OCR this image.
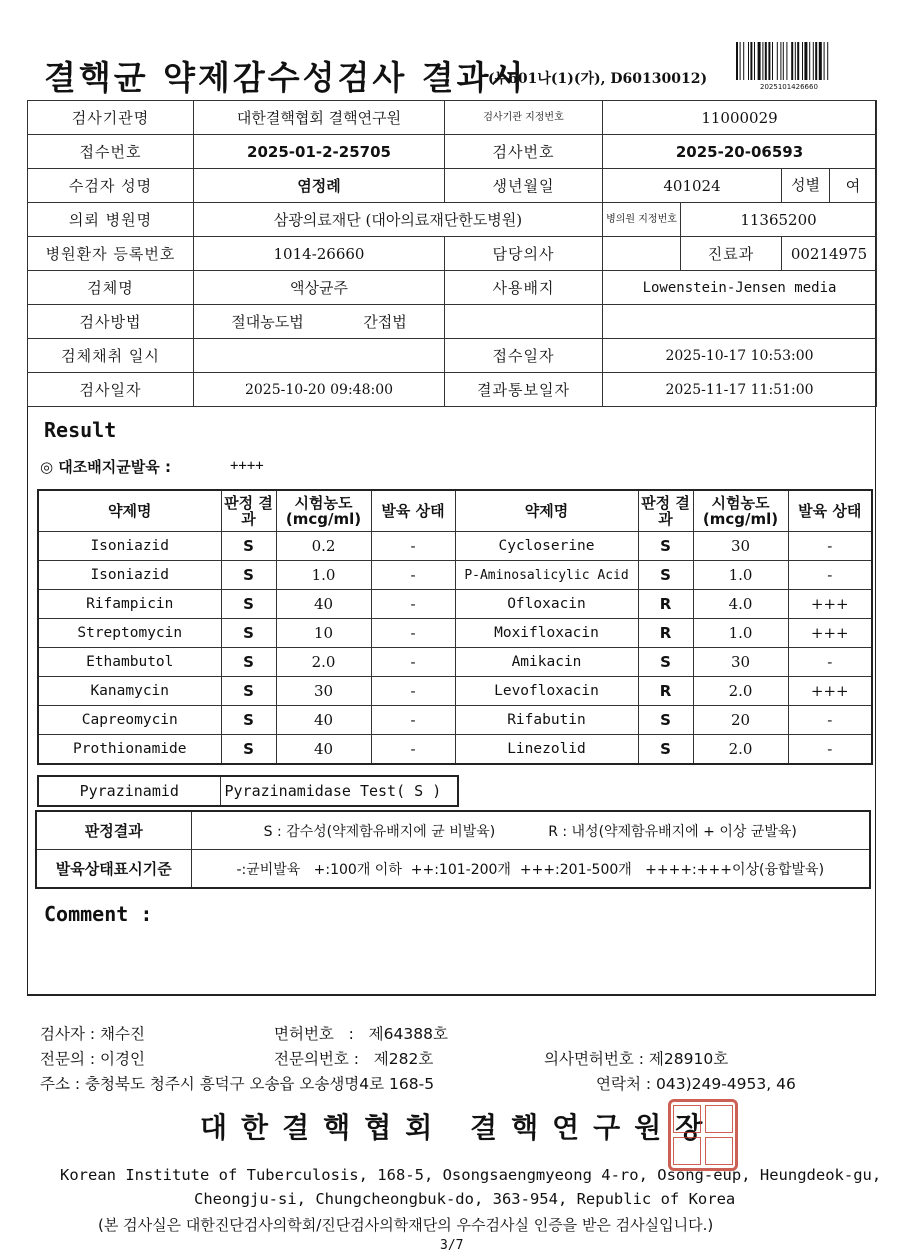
결핵균 약제감수성검사 결과서
(누601나(1)(가), D60130012)	2025101426660
검사기관명	대한결핵협회 결핵연구원	검사기관 지정번호	11000029		
접수번호	2025-01-2-25705	검사번호	2025-20-06593		
수검자 성명	염정례	생년월일	401024		성별 여

의뢰 병원명	삼광의료재단 (대아의료재단한도병원)		병의원 지정번호	11365200	
병원환자 등록번호	1014-26660	담당의사		진료과	00214975
검체명	액상균주	사용배지	Lowenstein-Jensen media		
검사방법	절대농도법 간접법				
검체채취 일시		접수일자	2025-10-17 10:53:00		
검사일자	2025-10-20 09:48:00	결과통보일자	2025-11-17 11:51:00		
Result
◎ 대조배지균발육 :	++++
약제명	판정 결과	시험농도 (mcg/ml)	발육 상태	약제명	판정 결과	시험농도 (mcg/ml)	발육 상태
Isoniazid	S	0.2	-	Cycloserine	S	30	-
Isoniazid	S	1.0	-	P-Aminosalicylic Acid	S	1.0	-
Rifampicin	S	40	-	Ofloxacin	R	4.0	+++
Streptomycin	S	10	-	Moxifloxacin	R	1.0	+++
Ethambutol	S	2.0	-	Amikacin	S	30	-
Kanamycin	S	30	-	Levofloxacin	R	2.0	+++
Capreomycin	S	40	-	Rifabutin	S	20	-
Prothionamide	S	40	-	Linezolid	S	2.0	-
Pyrazinamid	Pyrazinamidase Test( S )
판정결과	S : 감수성(약제함유배지에 균 비발육) R : 내성(약제함유배지에 + 이상 균발육)
발육상태표시기준	-:균비발육   +:100개 이하  ++:101-200개  +++:201-500개   ++++:+++이상(융합발육)
Comment :
검사자 : 채수진	면허번호   :   제64388호
전문의 : 이경인	전문의번호 :   제282호	의사면허번호 : 제28910호
주소 : 충청북도 청주시 흥덕구 오송읍 오송생명4로 168-5	연락처 : 043)249-4953, 46
대한결핵협회 결핵연구원장
Korean Institute of Tuberculosis, 168-5, Osongsaengmyeong 4-ro, Osong-eup, Heungdeok-gu,
Cheongju-si, Chungcheongbuk-do, 363-954, Republic of Korea
(본 검사실은 대한진단검사의학회/진단검사의학재단의 우수검사실 인증을 받은 검사실입니다.)
3/7
